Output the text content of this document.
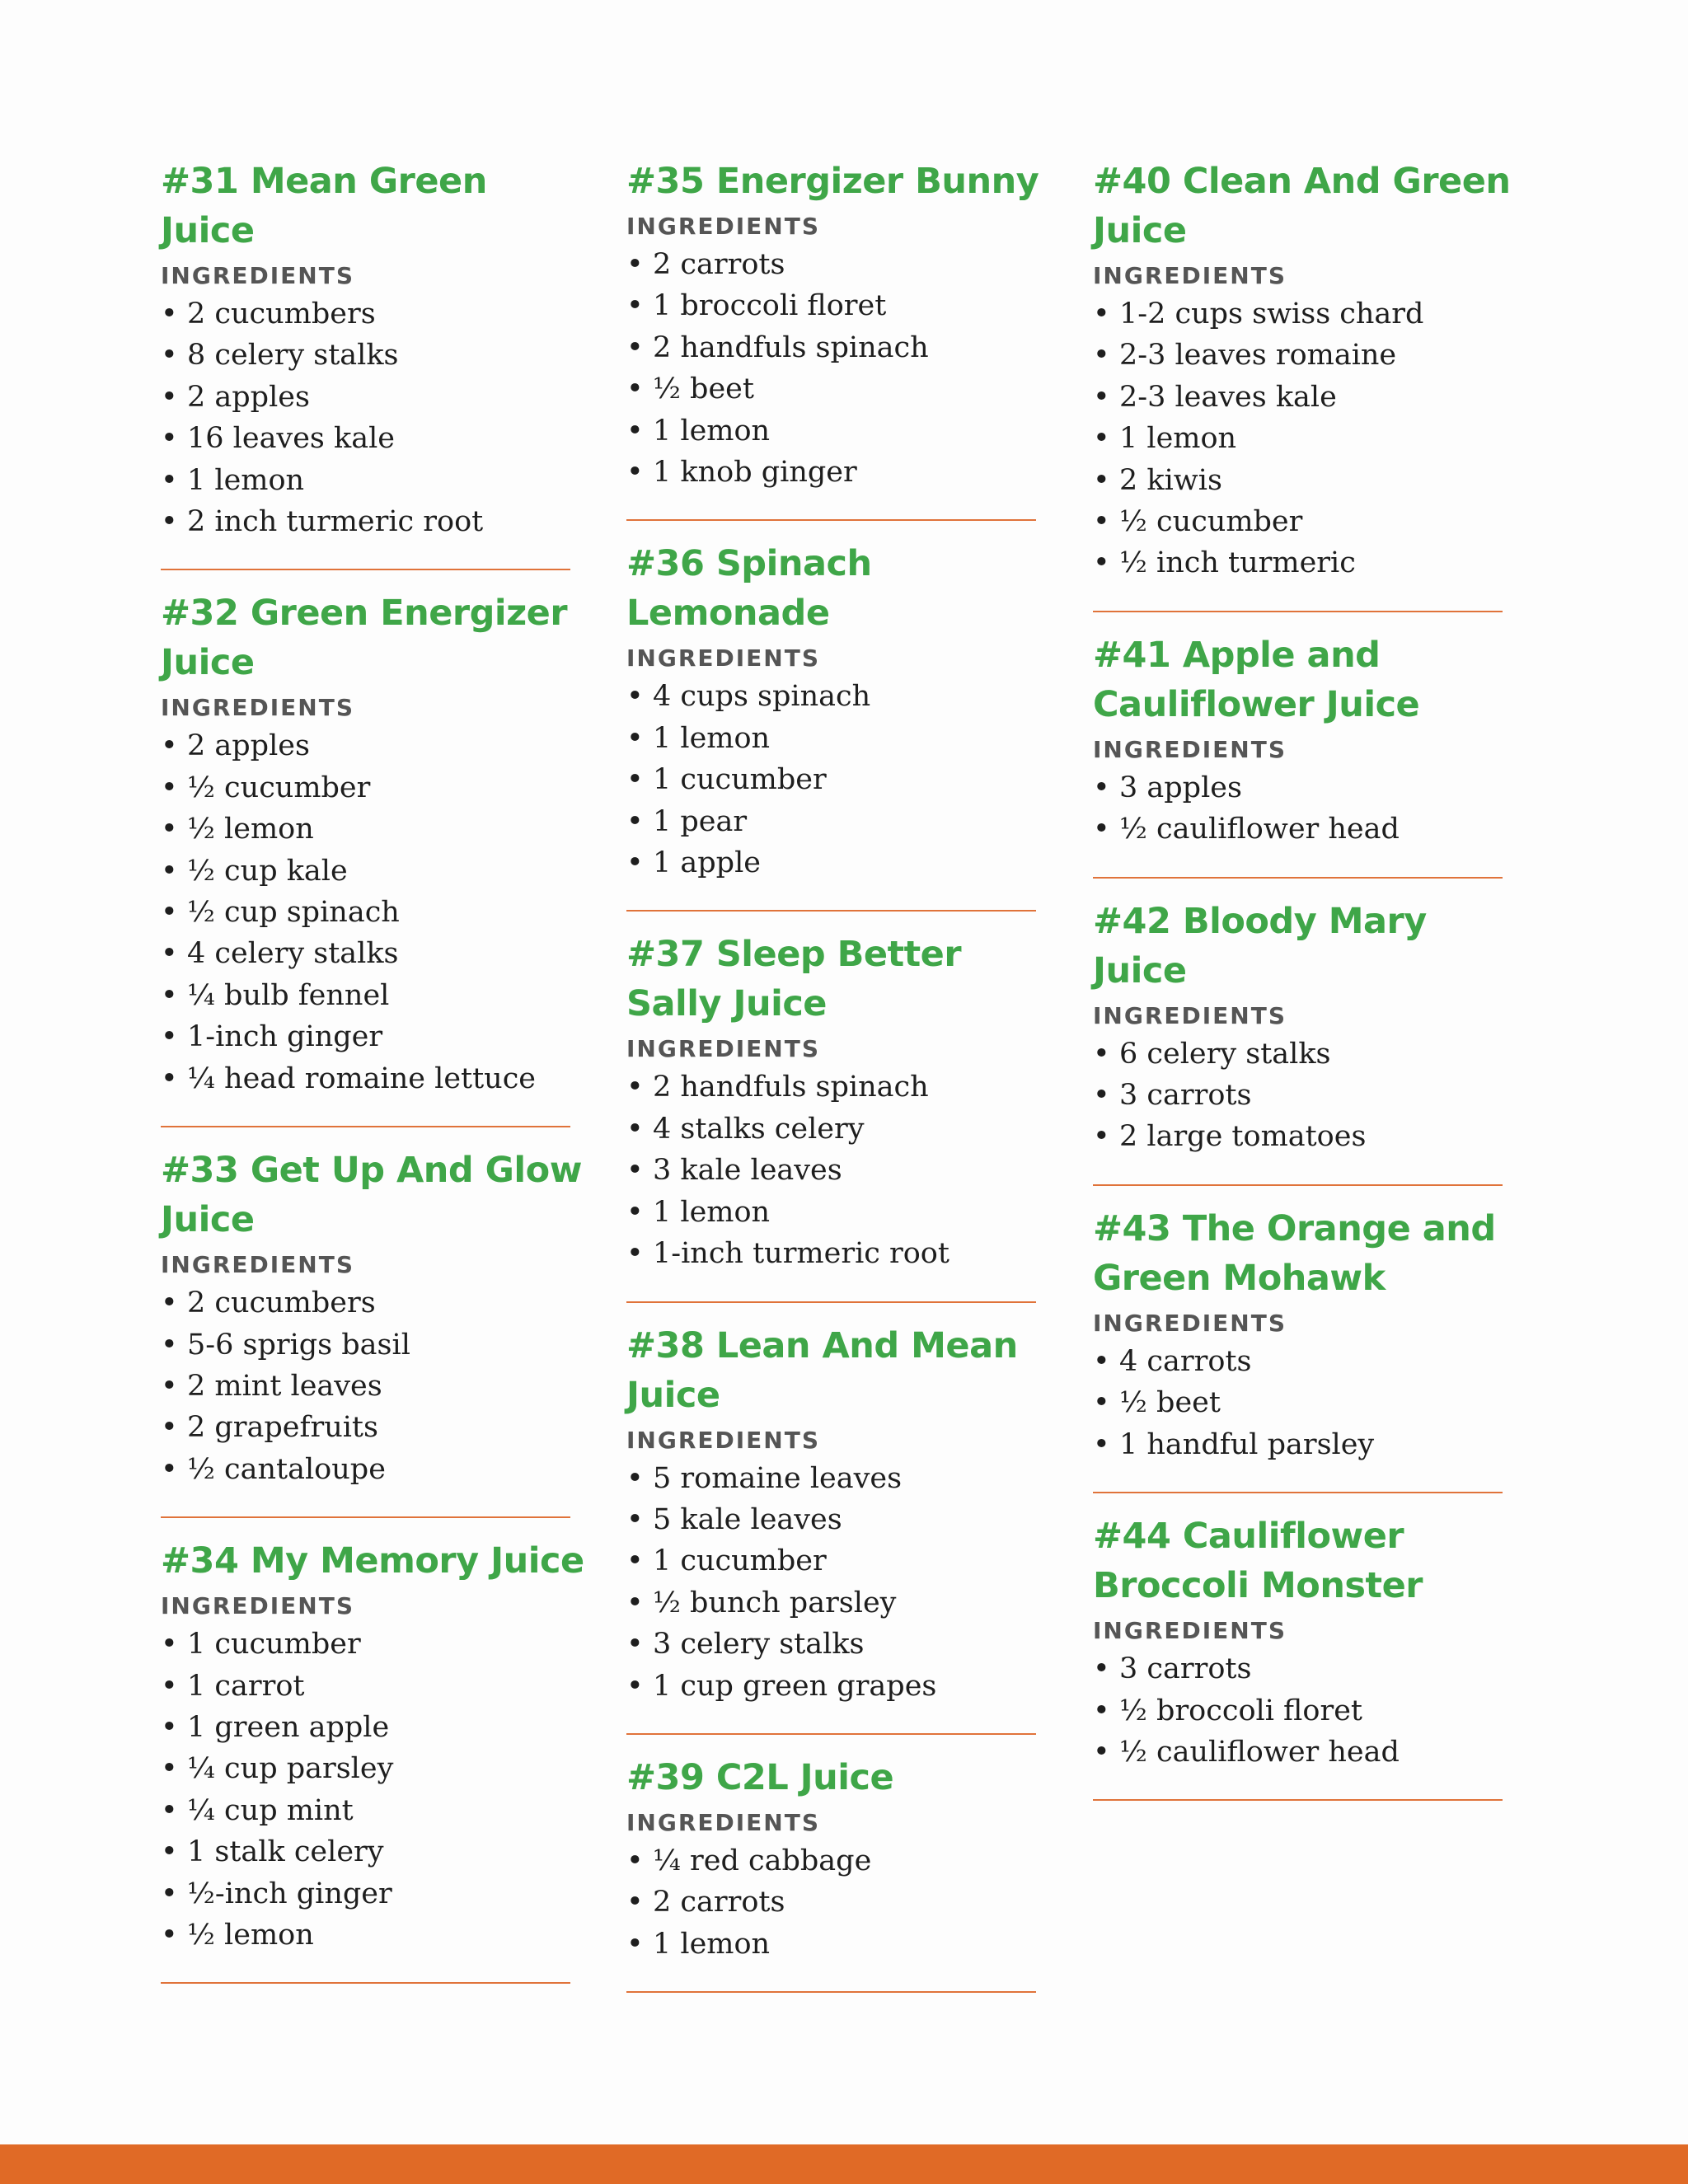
#31 Mean Green Juice
INGREDIENTS
• 2 cucumbers
• 8 celery stalks
• 2 apples
• 16 leaves kale
• 1 lemon
• 2 inch turmeric root
#32 Green Energizer Juice
INGREDIENTS
• 2 apples
• ½ cucumber
• ½ lemon
• ½ cup kale
• ½ cup spinach
• 4 celery stalks
• ¼ bulb fennel
• 1-inch ginger
• ¼ head romaine lettuce
#33 Get Up And Glow Juice
INGREDIENTS
• 2 cucumbers
• 5-6 sprigs basil
• 2 mint leaves
• 2 grapefruits
• ½ cantaloupe
#34 My Memory Juice
INGREDIENTS
• 1 cucumber
• 1 carrot
• 1 green apple
• ¼ cup parsley
• ¼ cup mint
• 1 stalk celery
• ½-inch ginger
• ½ lemon
#35 Energizer Bunny
INGREDIENTS
• 2 carrots
• 1 broccoli floret
• 2 handfuls spinach
• ½ beet
• 1 lemon
• 1 knob ginger
#36 Spinach Lemonade
INGREDIENTS
• 4 cups spinach
• 1 lemon
• 1 cucumber
• 1 pear
• 1 apple
#37 Sleep Better Sally Juice
INGREDIENTS
• 2 handfuls spinach
• 4 stalks celery
• 3 kale leaves
• 1 lemon
• 1-inch turmeric root
#38 Lean And Mean Juice
INGREDIENTS
• 5 romaine leaves
• 5 kale leaves
• 1 cucumber
• ½ bunch parsley
• 3 celery stalks
• 1 cup green grapes
#39 C2L Juice
INGREDIENTS
• ¼ red cabbage
• 2 carrots
• 1 lemon
#40 Clean And Green Juice
INGREDIENTS
• 1-2 cups swiss chard
• 2-3 leaves romaine
• 2-3 leaves kale
• 1 lemon
• 2 kiwis
• ½ cucumber
• ½ inch turmeric
#41 Apple and Cauliflower Juice
INGREDIENTS
• 3 apples
• ½ cauliflower head
#42 Bloody Mary Juice
INGREDIENTS
• 6 celery stalks
• 3 carrots
• 2 large tomatoes
#43 The Orange and Green Mohawk
INGREDIENTS
• 4 carrots
• ½ beet
• 1 handful parsley
#44 Cauliflower Broccoli Monster
INGREDIENTS
• 3 carrots
• ½ broccoli floret
• ½ cauliflower head
